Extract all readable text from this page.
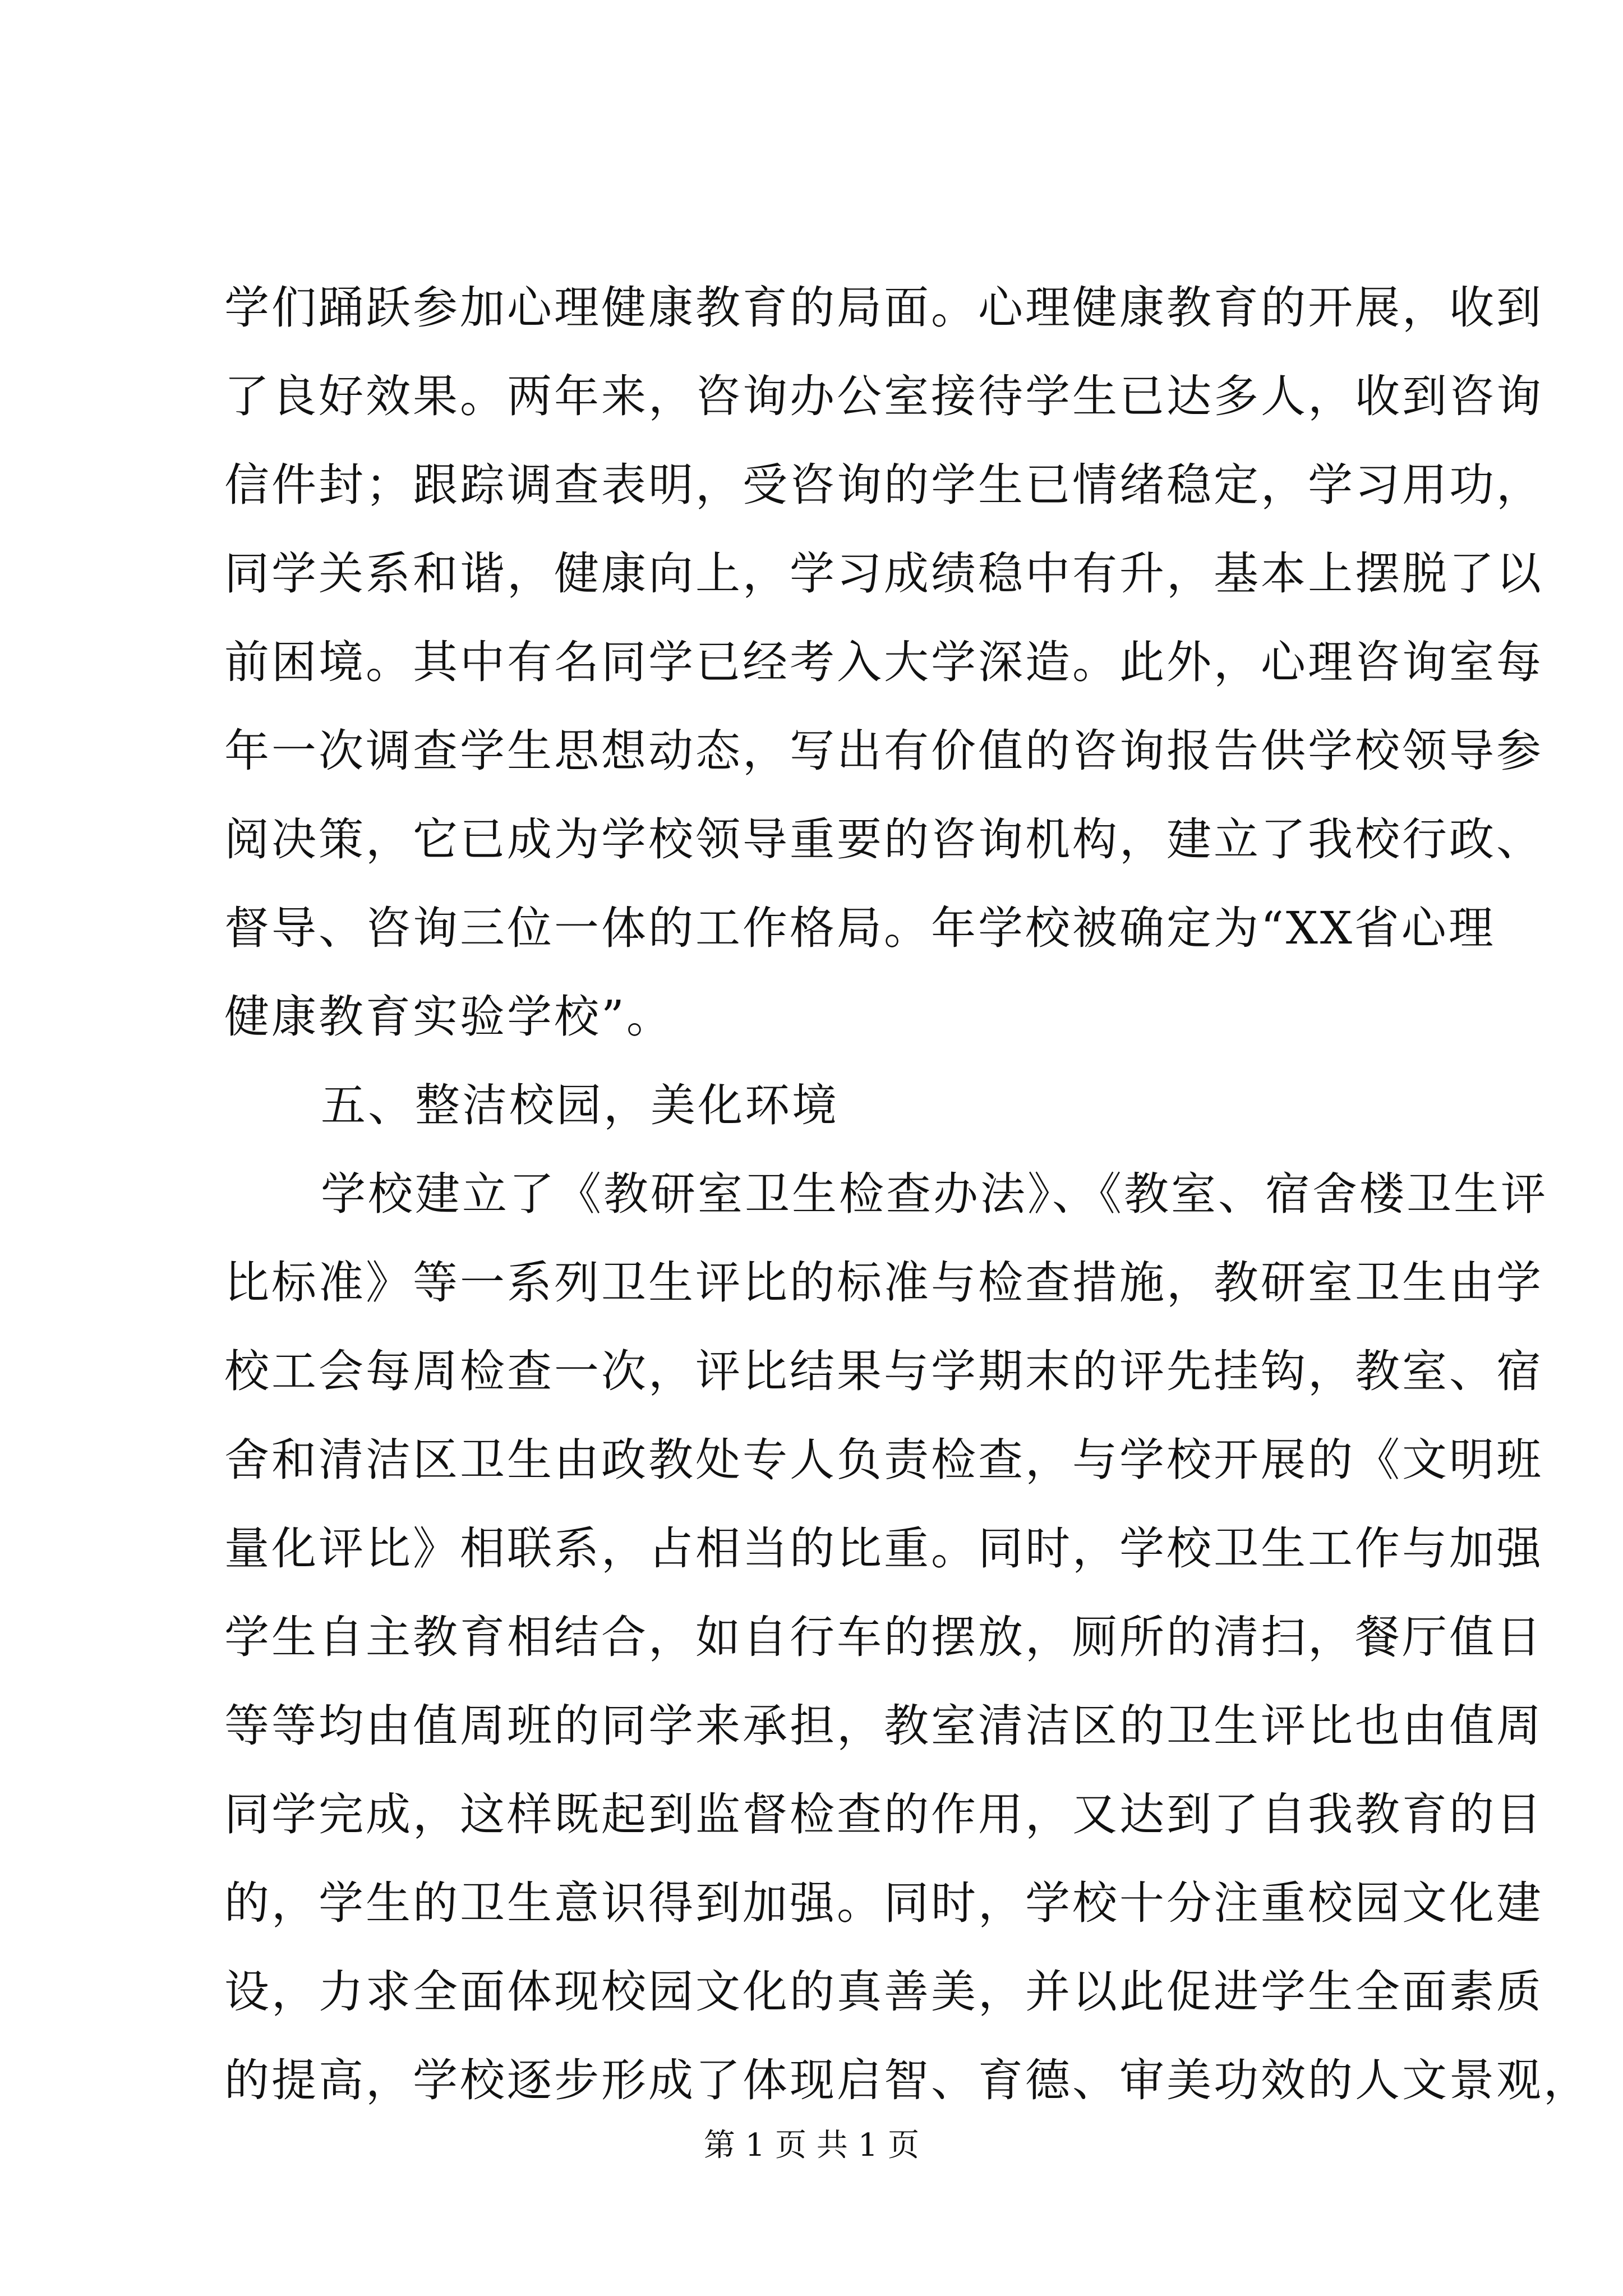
学们踊跃参加心理健康教育的局面。心理健康教育的开展，收到
了良好效果。两年来，咨询办公室接待学生已达多人，收到咨询
信件封；跟踪调查表明，受咨询的学生已情绪稳定，学习用功，
同学关系和谐，健康向上，学习成绩稳中有升，基本上摆脱了以
前困境。其中有名同学已经考入大学深造。此外，心理咨询室每
年一次调查学生思想动态，写出有价值的咨询报告供学校领导参
阅决策，它已成为学校领导重要的咨询机构，建立了我校行政、
督导、咨询三位一体的工作格局。年学校被确定为“XX省心理
健康教育实验学校”。
五、整洁校园，美化环境
学校建立了《教研室卫生检查办法》、《教室、宿舍楼卫生评
比标准》等一系列卫生评比的标准与检查措施，教研室卫生由学
校工会每周检查一次，评比结果与学期末的评先挂钩，教室、宿
舍和清洁区卫生由政教处专人负责检查，与学校开展的《文明班
量化评比》相联系，占相当的比重。同时，学校卫生工作与加强
学生自主教育相结合，如自行车的摆放，厕所的清扫，餐厅值日
等等均由值周班的同学来承担，教室清洁区的卫生评比也由值周
同学完成，这样既起到监督检查的作用，又达到了自我教育的目
的，学生的卫生意识得到加强。同时，学校十分注重校园文化建
设，力求全面体现校园文化的真善美，并以此促进学生全面素质
的提高，学校逐步形成了体现启智、育德、审美功效的人文景观，
第 1 页 共 1 页
